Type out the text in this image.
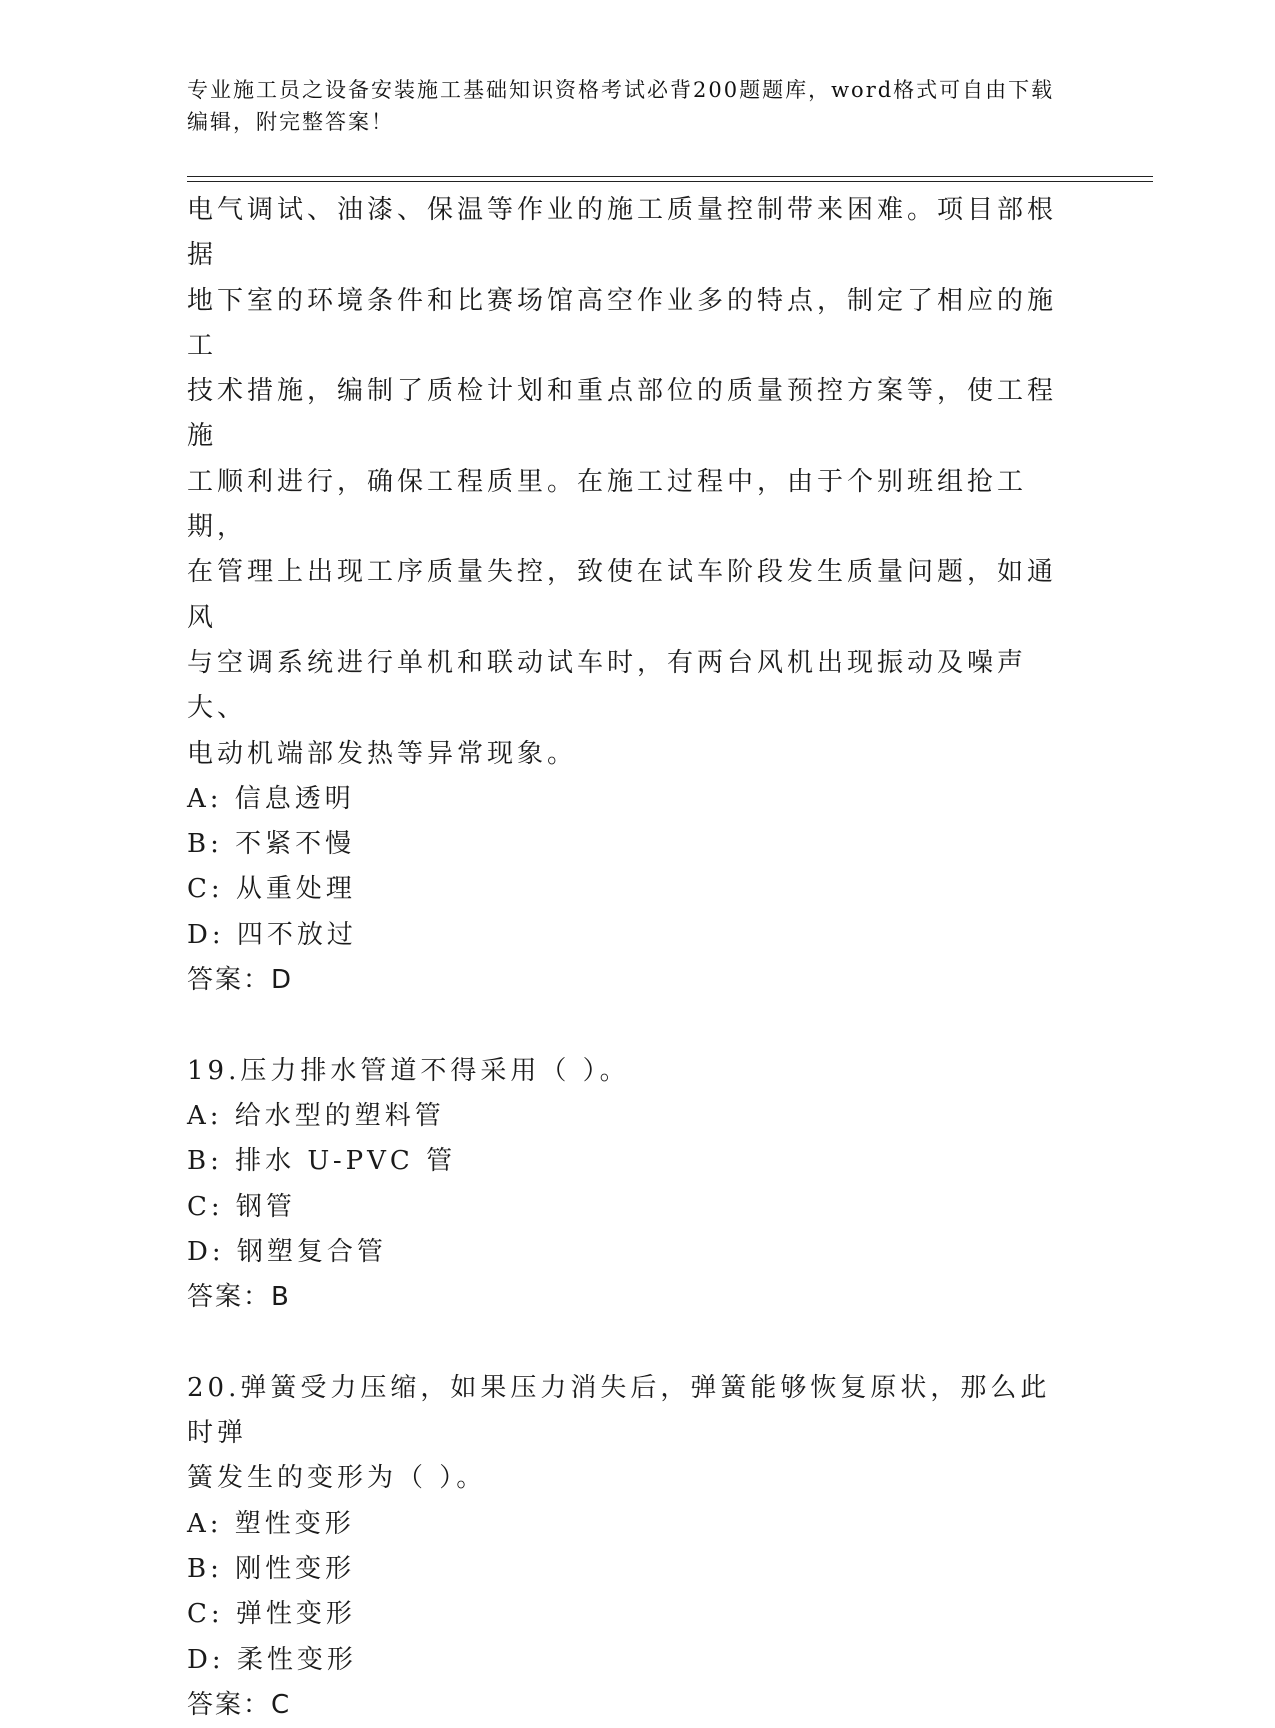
专业施工员之设备安装施工基础知识资格考试必背200题题库，word格式可自由下载编辑，附完整答案！

电气调试、油漆、保温等作业的施工质量控制带来困难。项目部根据

地下室的环境条件和比赛场馆高空作业多的特点，制定了相应的施工

技术措施，编制了质检计划和重点部位的质量预控方案等，使工程施

工顺利进行，确保工程质里。在施工过程中，由于个别班组抢工期，

在管理上出现工序质量失控，致使在试车阶段发生质量问题，如通风

与空调系统进行单机和联动试车时，有两台风机出现振动及噪声大、

电动机端部发热等异常现象。

A: 信息透明

B: 不紧不慢

C: 从重处理

D: 四不放过

答案：D

19.压力排水管道不得采用（ ）。

A: 给水型的塑料管

B: 排水 U-PVC 管

C: 钢管

D: 钢塑复合管

答案：B

20.弹簧受力压缩，如果压力消失后，弹簧能够恢复原状，那么此时弹

簧发生的变形为（ ）。

A: 塑性变形

B: 刚性变形

C: 弹性变形

D: 柔性变形

答案：C
